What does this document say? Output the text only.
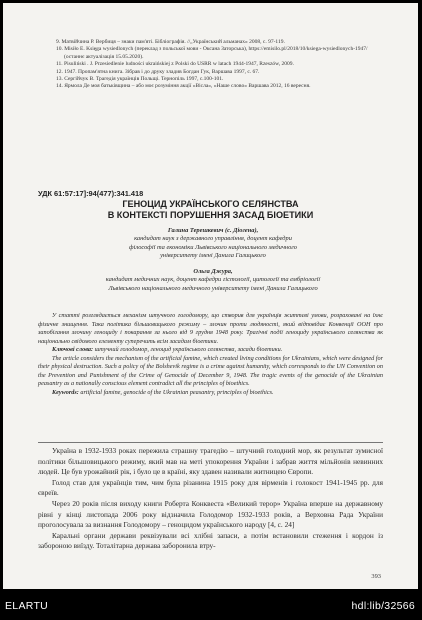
9. Матвійчина Р. Вербиця – знаки пам'яті. Бібліографія. //„Український альманах» 2008, с. 97-119.
10. Misiło E. Księga wysiedlonych (переклад з польської мови - Оксана Заторська), https://emisilo.pl/2018/10/ksiega-wysiedlonych-1947/ (останнє актуалізація 15.05.2020).
11. Pisuliński . J. Przesiedlenie ludności ukraińskiej z Polski do USRR w latach 1944-1947, Rzeszów, 2009.
12. 1947. Пропам'ятна книга. Зібрав і до друку зладив Богдан Гук, Варшава 1997, с. 67.
13. Сергійчук В. Трагедія українців Польщі. Тернопіль 1997, с.100-101.
14. Ярмола Де моя батьківщина – або моє розуміння акції «Вісла», «Наше слово» Варшава 2012, 16 вересня.
УДК 61:57:17]:94(477):341.418
ГЕНОЦИД УКРАЇНСЬКОГО СЕЛЯНСТВА
В КОНТЕКСТІ ПОРУШЕННЯ ЗАСАД БІОЕТИКИ
Галина Терешкевич (с. Діогена),
кандидат наук з державного управління, доцент кафедри
філософії та економіки Львівського національного медичного
університету імені Данила Галицького
Ольга Джура,
кандидат медичних наук, доцент кафедри гістології, цитології та ембріології
Львівського національного медичного університету імені Данила Галицького

У статті розглядається механізм штучного голодомору, що створив для українців життєві умови, розраховані на їхнє фізичне знищення. Така політика більшовицького режиму – злочин проти людяності, який відповідає Конвенції ООН про запобігання злочину геноциду і покарання за нього від 9 грудня 1948 року. Трагічні події геноциду українського селянства як національно свідомого елементу суперечить всім засадам біоетики.

Ключові слова: штучний голодомор, геноцид українського селянства, засади біоетики.

The article considers the mechanism of the artificial famine, which created living conditions for Ukrainians, which were designed for their physical destruction. Such a policy of the Bolshevik regime is a crime against humanity, which corresponds to the UN Convention on the Prevention and Punishment of the Crime of Genocide of December 9, 1948. The tragic events of the genocide of the Ukrainian peasantry as a nationally conscious element contradict all the principles of bioethics.

Keywords: artificial famine, genocide of the Ukrainian peasantry, principles of bioethics.

Україна в 1932-1933 роках пережила страшну трагедію – штучний голодний мор, як результат зумисної політики більшовицького режиму, який мав на меті упокорення України і забрав життя мільйонів невинних людей. Це був урожайний рік, і було це в країні, яку здавен називали житницею Європи.

Голод став для українців тим, чим була різанина 1915 року для вірменів і голокост 1941-1945 рр. для євреїв.

Через 20 років після виходу книги Роберта Конквеста «Великий терор» Україна вперше на державному рівні у кінці листопада 2006 року відзначила Голодомор 1932-1933 років, а Верховна Рада України проголосувала за визнання Голодомору – геноцидом українського народу [4, с. 24]

Каральні органи держави реквізували всі хлібні запаси, а потім встановили стеження і кордон із забороною виїзду. Тоталітарна держава заборонила втру-

393
ELARTU	hdl:lib/32566
